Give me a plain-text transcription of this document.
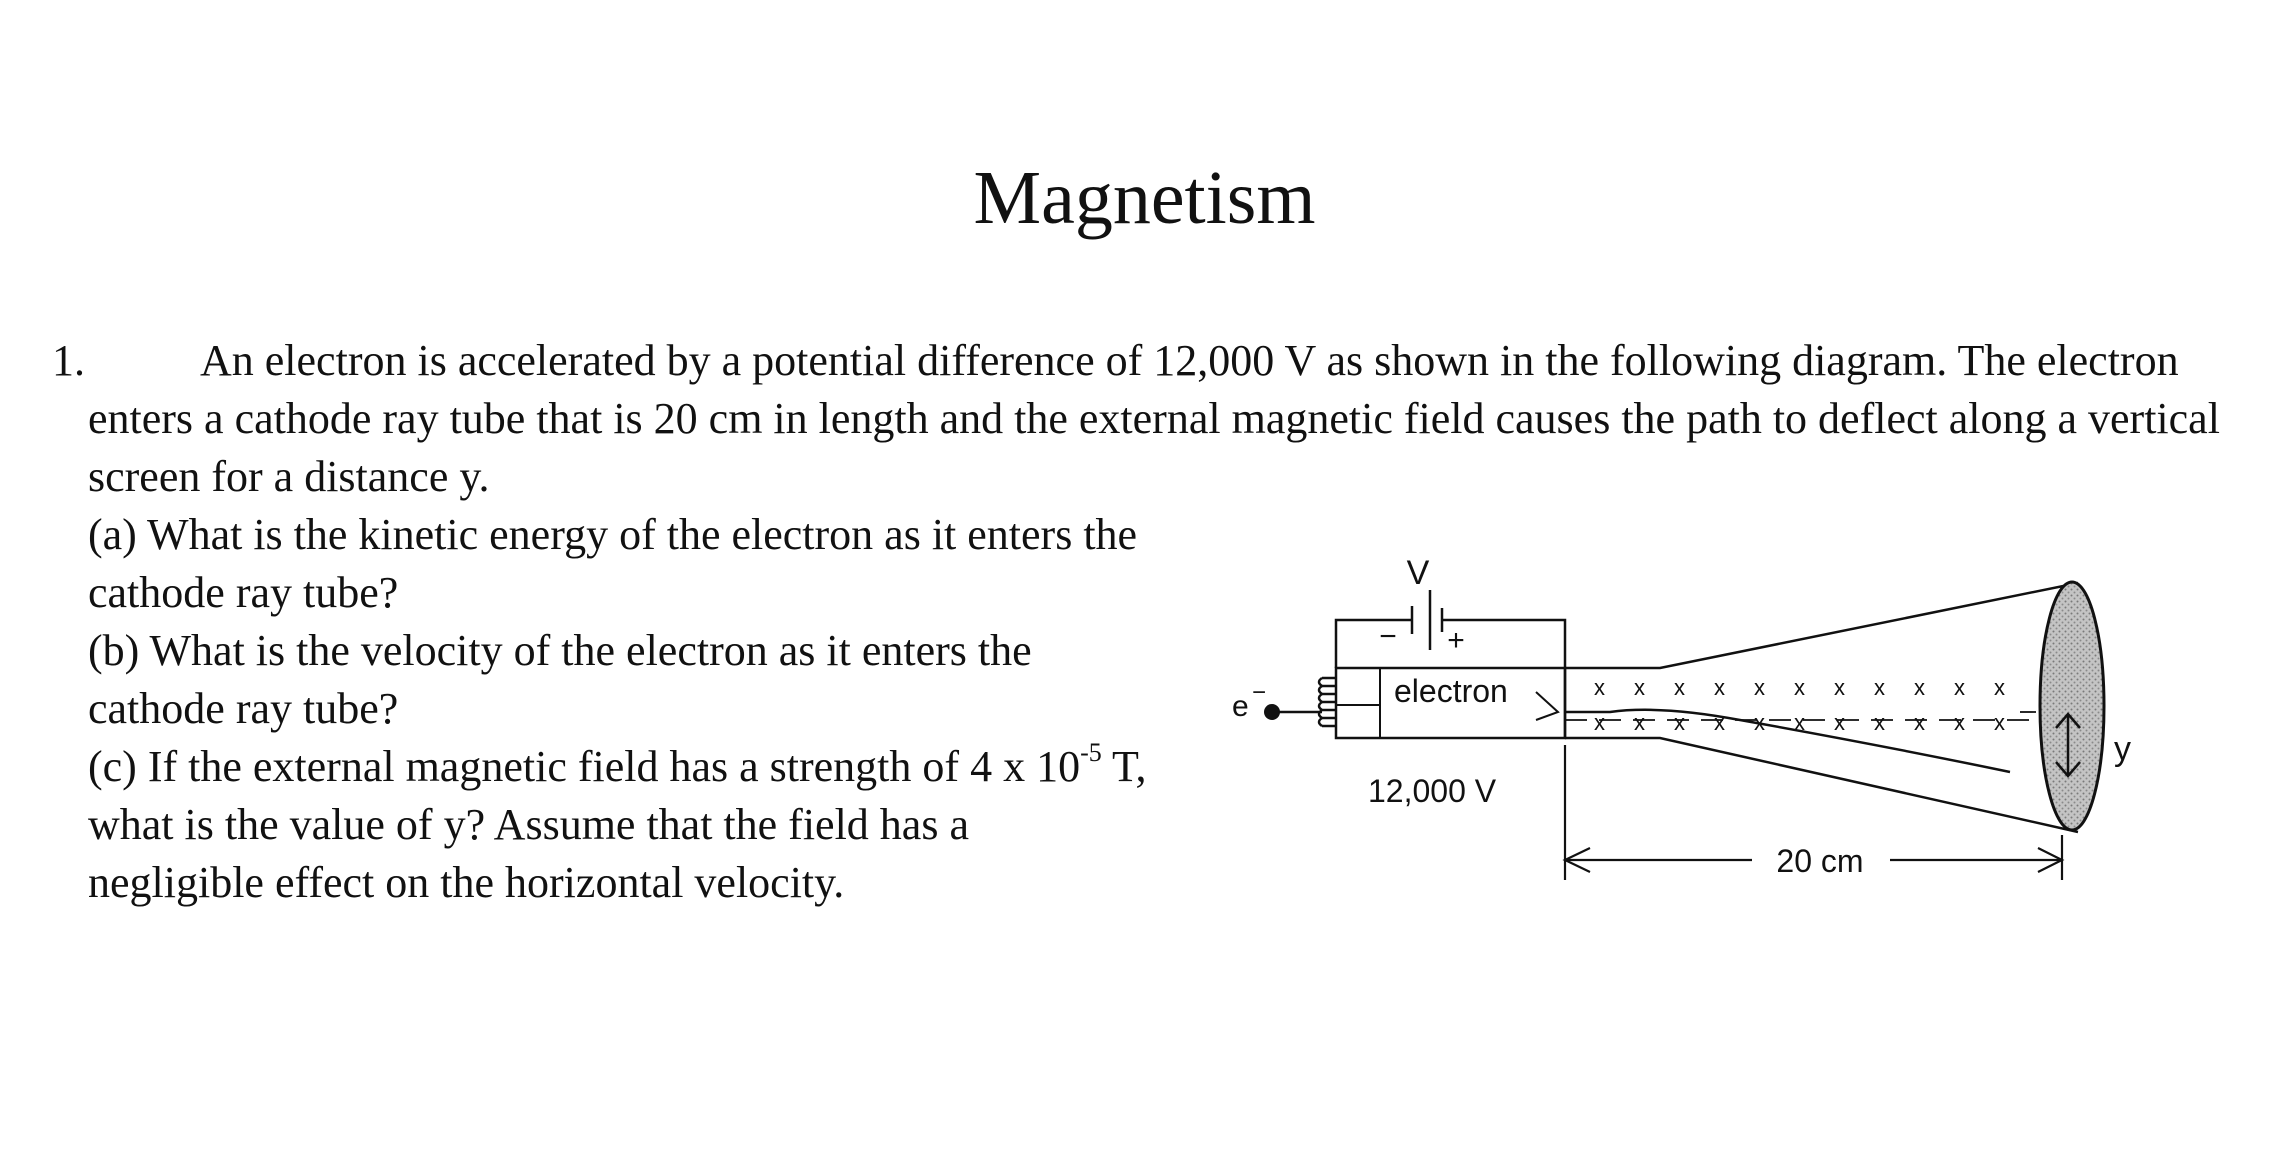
Magnetism
1.	An electron is accelerated by a potential difference of 12,000 V as shown in the following diagram. The electron enters a cathode ray tube that is 20 cm in length and the external magnetic field causes the path to deflect along a vertical screen for a distance y.

(a) What is the kinetic energy of the electron as it enters the cathode ray tube?

(b) What is the velocity of the electron as it enters the cathode ray tube?

(c) If the external magnetic field has a strength of 4 x $10^{-5}$ T, what is the value of y? Assume that the field has a negligible effect on the horizontal velocity.

V
− +
e −	electron
12,000 V
x x x x x x x x x x x
x x x x x x x x x x x
y
20 cm
